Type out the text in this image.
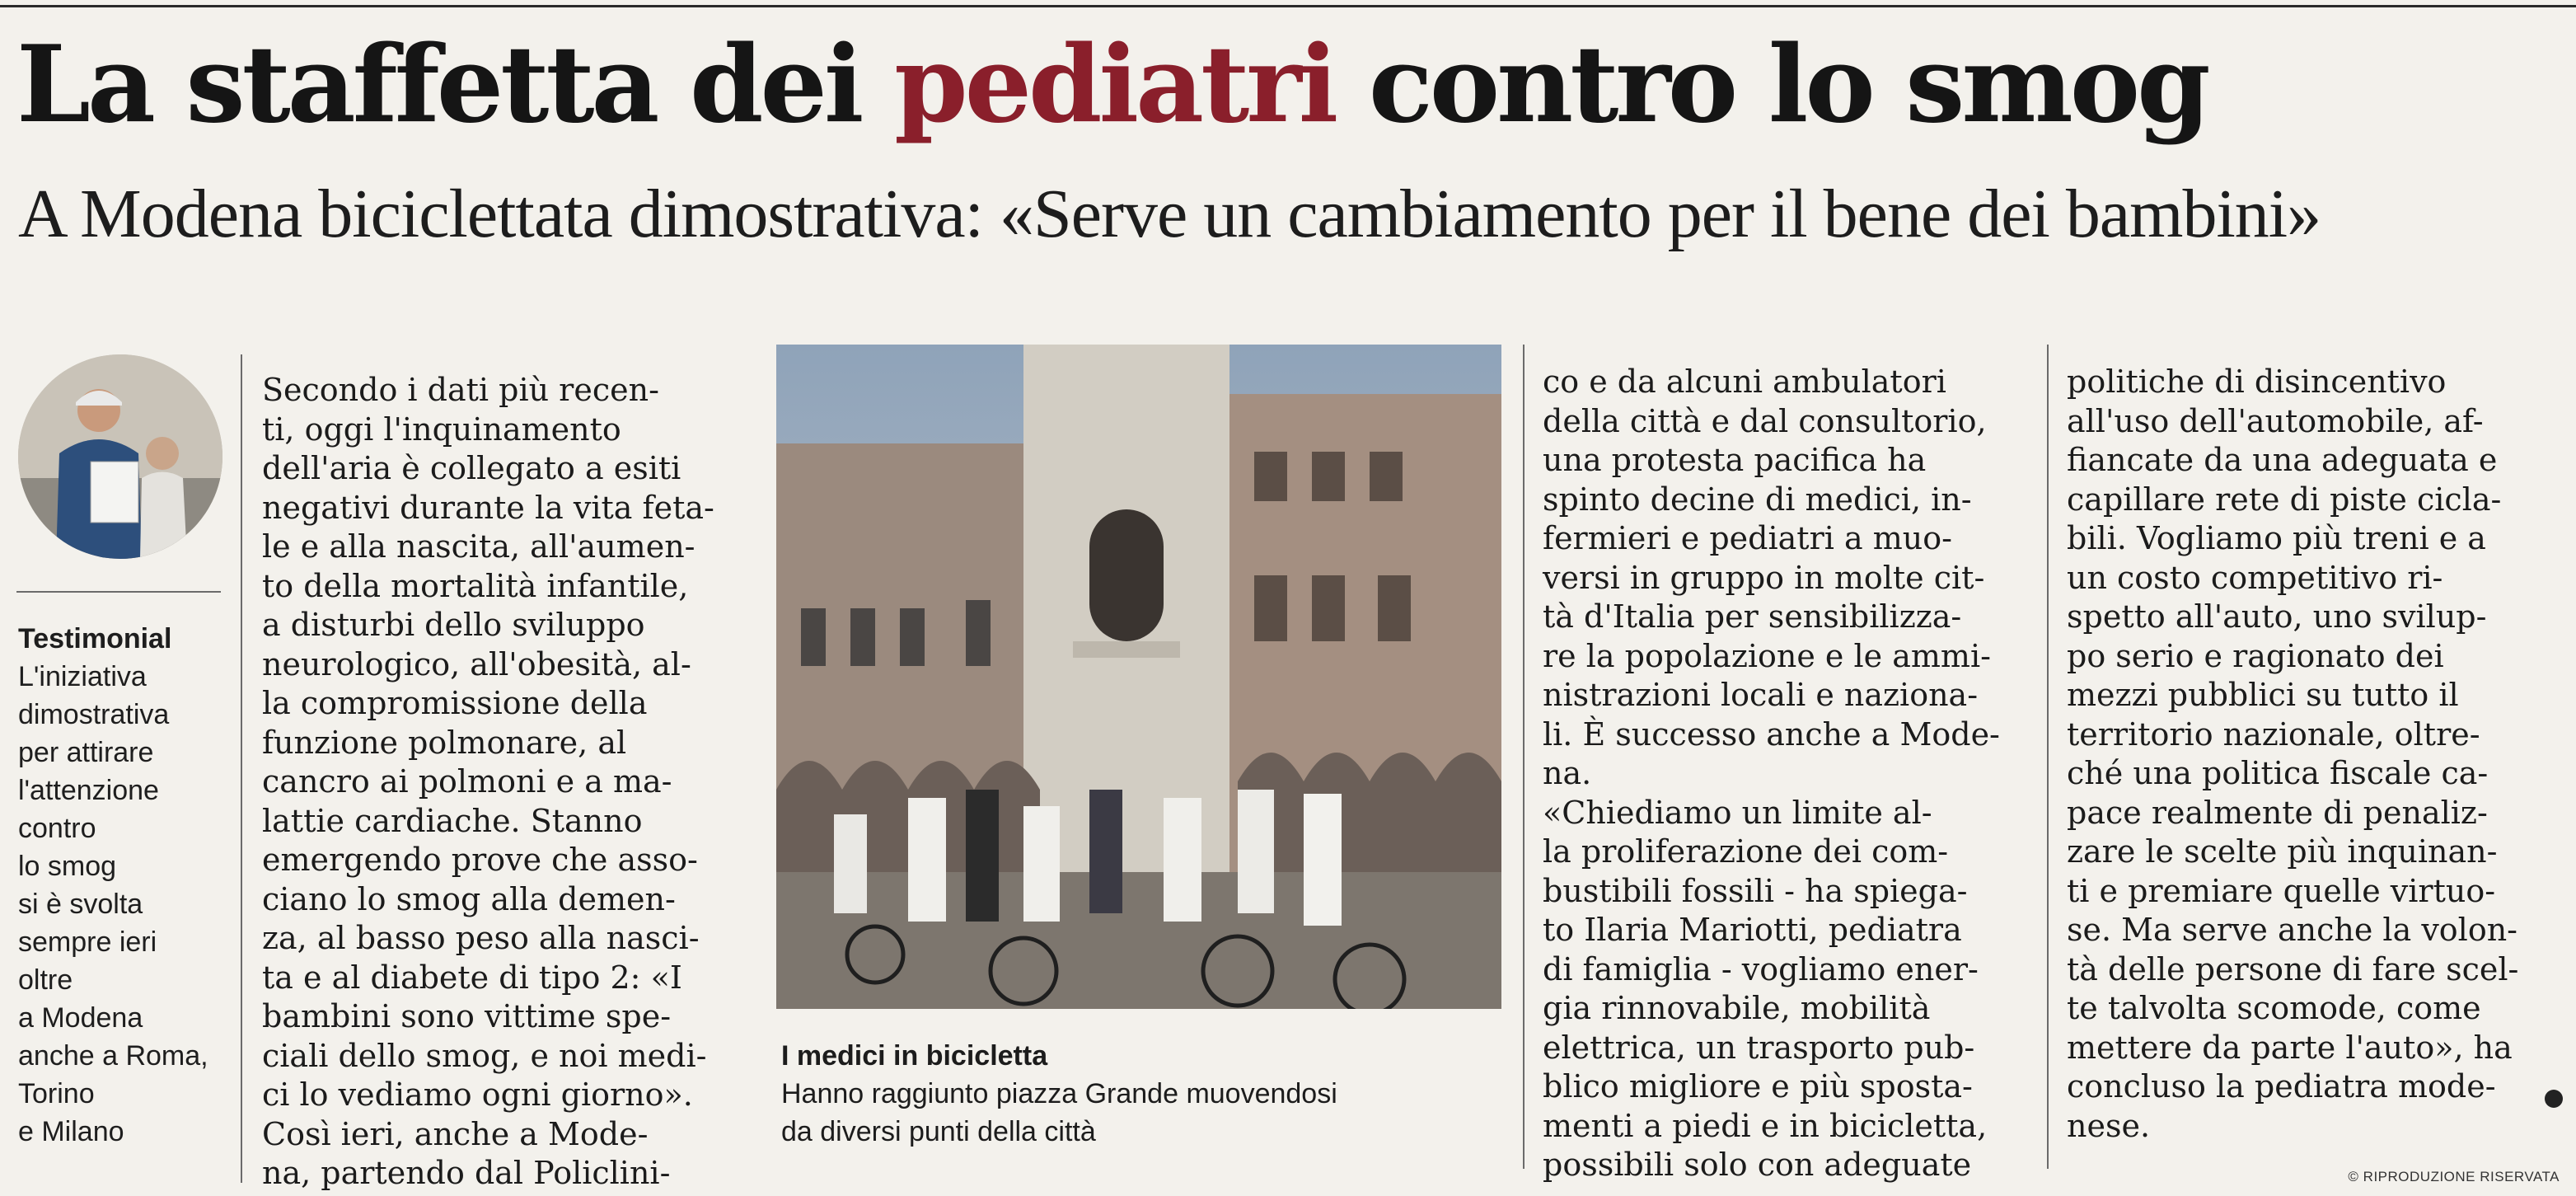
La staffetta dei pediatri contro lo smog
A Modena biciclettata dimostrativa: «Serve un cambiamento per il bene dei bambini»
Testimonial
L'iniziativa
dimostrativa
per attirare
l'attenzione
contro
lo smog
si è svolta
sempre ieri
oltre
a Modena
anche a Roma,
Torino
e Milano
Secondo i dati più recen-
ti, oggi l'inquinamento
dell'aria è collegato a esiti
negativi durante la vita feta-
le e alla nascita, all'aumen-
to della mortalità infantile,
a disturbi dello sviluppo
neurologico, all'obesità, al-
la compromissione della
funzione polmonare, al
cancro ai polmoni e a ma-
lattie cardiache. Stanno
emergendo prove che asso-
ciano lo smog alla demen-
za, al basso peso alla nasci-
ta e al diabete di tipo 2: «I
bambini sono vittime spe-
ciali dello smog, e noi medi-
ci lo vediamo ogni giorno».
Così ieri, anche a Mode-
na, partendo dal Policlini-
I medici in bicicletta
Hanno raggiunto piazza Grande muovendosi
da diversi punti della città
co e da alcuni ambulatori
della città e dal consultorio,
una protesta pacifica ha
spinto decine di medici, in-
fermieri e pediatri a muo-
versi in gruppo in molte cit-
tà d'Italia per sensibilizza-
re la popolazione e le ammi-
nistrazioni locali e naziona-
li. È successo anche a Mode-
na.
«Chiediamo un limite al-
la proliferazione dei com-
bustibili fossili - ha spiega-
to Ilaria Mariotti, pediatra
di famiglia - vogliamo ener-
gia rinnovabile, mobilità
elettrica, un trasporto pub-
blico migliore e più sposta-
menti a piedi e in bicicletta,
possibili solo con adeguate
politiche di disincentivo
all'uso dell'automobile, af-
fiancate da una adeguata e
capillare rete di piste cicla-
bili. Vogliamo più treni e a
un costo competitivo ri-
spetto all'auto, uno svilup-
po serio e ragionato dei
mezzi pubblici su tutto il
territorio nazionale, oltre-
ché una politica fiscale ca-
pace realmente di penaliz-
zare le scelte più inquinan-
ti e premiare quelle virtuo-
se. Ma serve anche la volon-
tà delle persone di fare scel-
te talvolta scomode, come
mettere da parte l'auto», ha
concluso la pediatra mode-
nese.
© RIPRODUZIONE RISERVATA
